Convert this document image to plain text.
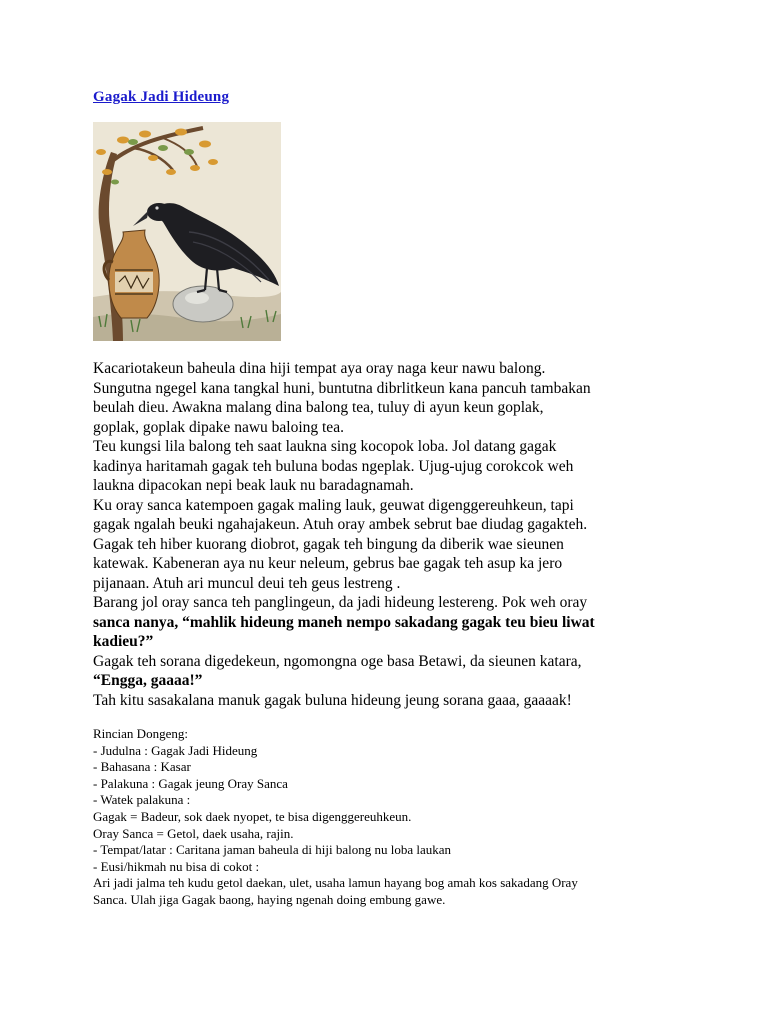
Gagak Jadi Hideung

Kacariotakeun baheula dina hiji tempat aya oray naga keur nawu balong.
Sungutna ngegel kana tangkal huni, buntutna dibrlitkeun kana pancuh tambakan
beulah dieu. Awakna malang dina balong tea, tuluy di ayun keun goplak,
goplak, goplak dipake nawu baloing tea.

Teu kungsi lila balong teh saat laukna sing kocopok loba. Jol datang gagak
kadinya haritamah gagak teh buluna bodas ngeplak. Ujug-ujug corokcok weh
laukna dipacokan nepi beak lauk nu baradagnamah.

Ku oray sanca katempoen gagak maling lauk, geuwat digenggereuhkeun, tapi
gagak ngalah beuki ngahajakeun. Atuh oray ambek sebrut bae diudag gagakteh.
Gagak teh hiber kuorang diobrot, gagak teh bingung da diberik wae sieunen
katewak. Kabeneran aya nu keur neleum, gebrus bae gagak teh asup ka jero
pijanaan. Atuh ari muncul deui teh geus lestreng .

Barang jol oray sanca teh panglingeun, da jadi hideung lestereng. Pok weh oray
sanca nanya, “mahlik hideung maneh nempo sakadang gagak teu bieu liwat
kadieu?”

Gagak teh sorana digedekeun, ngomongna oge basa Betawi, da sieunen katara,
“Engga, gaaaa!”

Tah kitu sasakalana manuk gagak buluna hideung jeung sorana gaaa, gaaaak!

Rincian Dongeng:

- Judulna : Gagak Jadi Hideung

- Bahasana : Kasar

- Palakuna : Gagak jeung Oray Sanca

- Watek palakuna :

Gagak = Badeur, sok daek nyopet, te bisa digenggereuhkeun.

Oray Sanca = Getol, daek usaha, rajin.

- Tempat/latar : Caritana jaman baheula di hiji balong nu loba laukan

- Eusi/hikmah nu bisa di cokot :

Ari jadi jalma teh kudu getol daekan, ulet, usaha lamun hayang bog amah kos sakadang Oray

Sanca. Ulah jiga Gagak baong, haying ngenah doing embung gawe.
